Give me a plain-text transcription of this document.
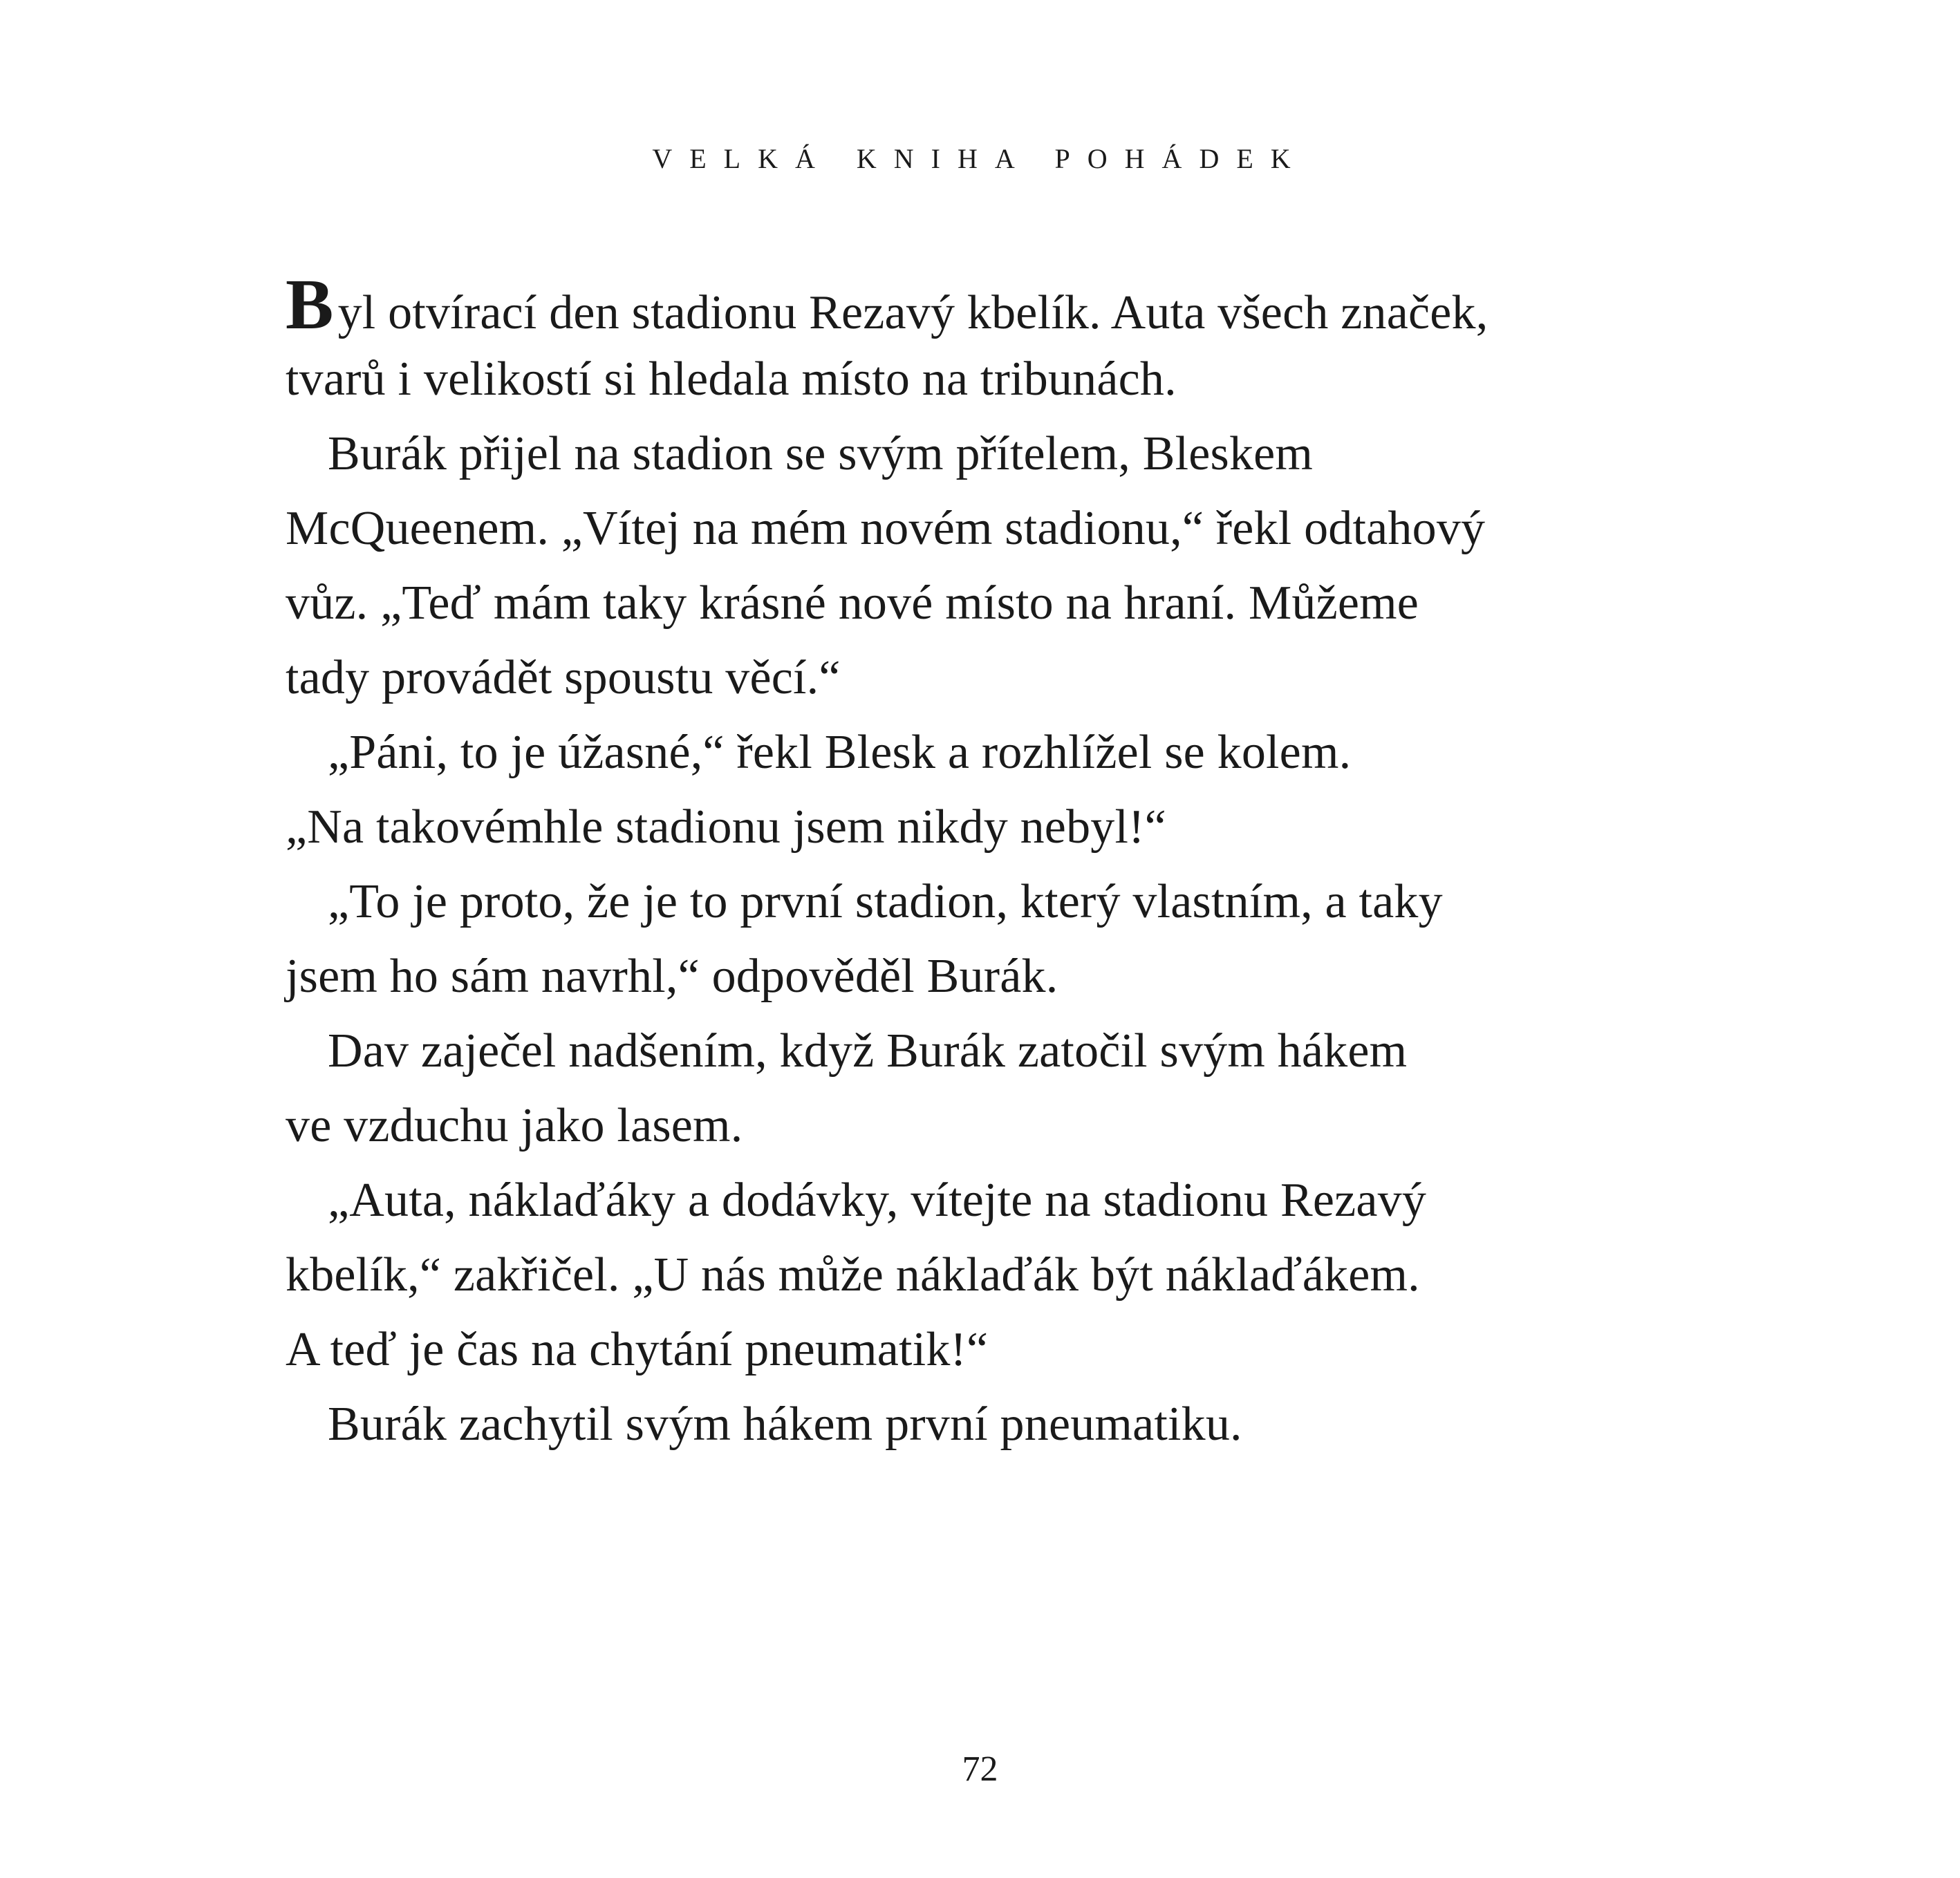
VELKÁ KNIHA POHÁDEK
Byl otvírací den stadionu Rezavý kbelík. Auta všech značek,
tvarů i velikostí si hledala místo na tribunách.
Burák přijel na stadion se svým přítelem, Bleskem
McQueenem. „Vítej na mém novém stadionu,“ řekl odtahový
vůz. „Teď mám taky krásné nové místo na hraní. Můžeme
tady provádět spoustu věcí.“
„Páni, to je úžasné,“ řekl Blesk a rozhlížel se kolem.
„Na takovémhle stadionu jsem nikdy nebyl!“
„To je proto, že je to první stadion, který vlastním, a taky
jsem ho sám navrhl,“ odpověděl Burák.
Dav zaječel nadšením, když Burák zatočil svým hákem
ve vzduchu jako lasem.
„Auta, náklaďáky a dodávky, vítejte na stadionu Rezavý
kbelík,“ zakřičel. „U nás může náklaďák být náklaďákem.
A teď je čas na chytání pneumatik!“
Burák zachytil svým hákem první pneumatiku.
72
